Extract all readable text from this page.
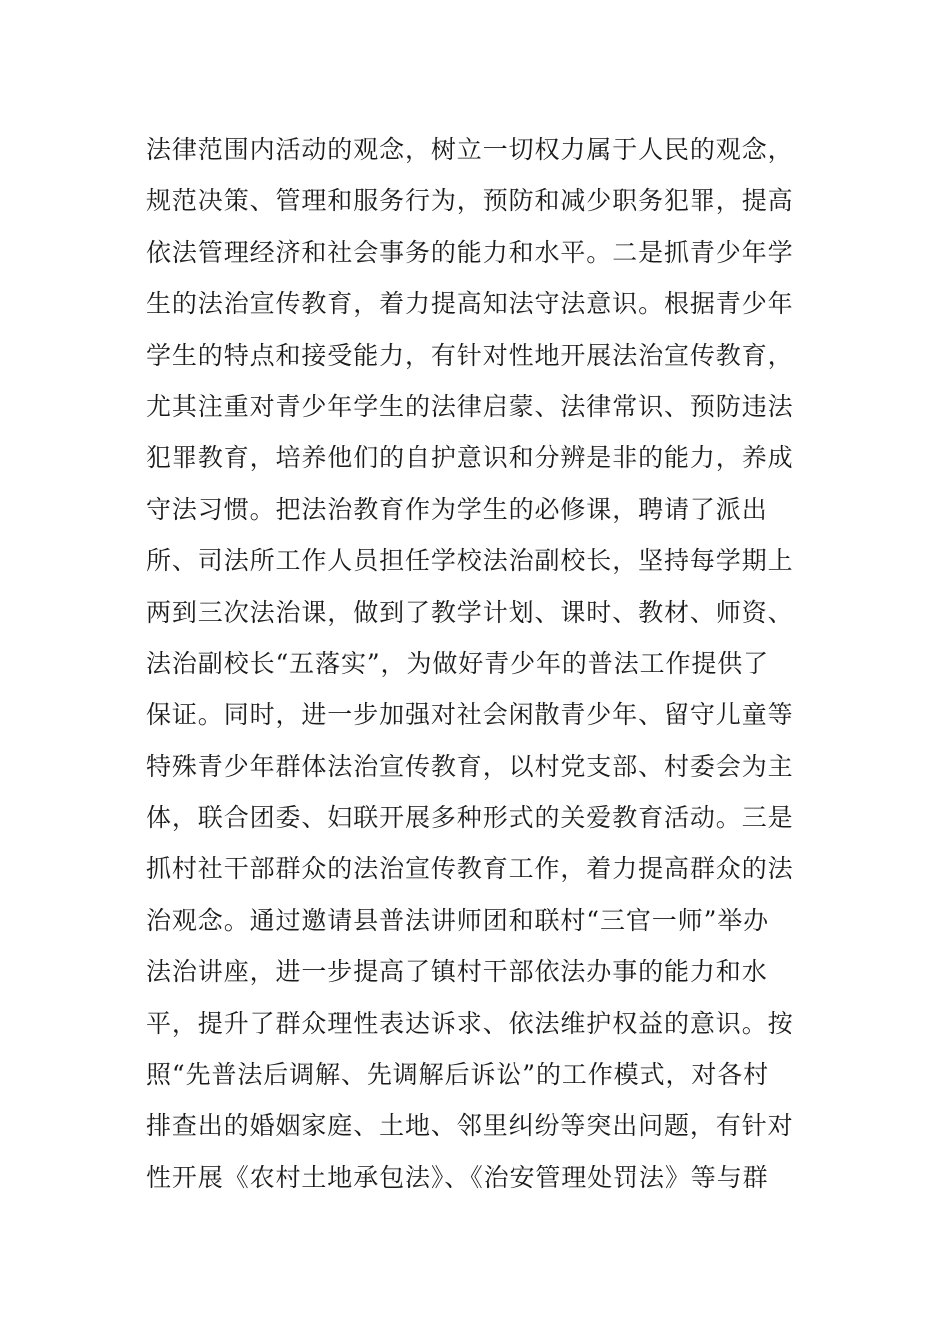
法律范围内活动的观念，树立一切权力属于人民的观念，
规范决策、管理和服务行为，预防和减少职务犯罪，提高
依法管理经济和社会事务的能力和水平。二是抓青少年学
生的法治宣传教育，着力提高知法守法意识。根据青少年
学生的特点和接受能力，有针对性地开展法治宣传教育，
尤其注重对青少年学生的法律启蒙、法律常识、预防违法
犯罪教育，培养他们的自护意识和分辨是非的能力，养成
守法习惯。把法治教育作为学生的必修课，聘请了派出
所、司法所工作人员担任学校法治副校长，坚持每学期上
两到三次法治课，做到了教学计划、课时、教材、师资、
法治副校长“五落实”，为做好青少年的普法工作提供了
保证。同时，进一步加强对社会闲散青少年、留守儿童等
特殊青少年群体法治宣传教育，以村党支部、村委会为主
体，联合团委、妇联开展多种形式的关爱教育活动。三是
抓村社干部群众的法治宣传教育工作，着力提高群众的法
治观念。通过邀请县普法讲师团和联村“三官一师”举办
法治讲座，进一步提高了镇村干部依法办事的能力和水
平，提升了群众理性表达诉求、依法维护权益的意识。按
照“先普法后调解、先调解后诉讼”的工作模式，对各村
排查出的婚姻家庭、土地、邻里纠纷等突出问题，有针对
性开展《农村土地承包法》、《治安管理处罚法》等与群
